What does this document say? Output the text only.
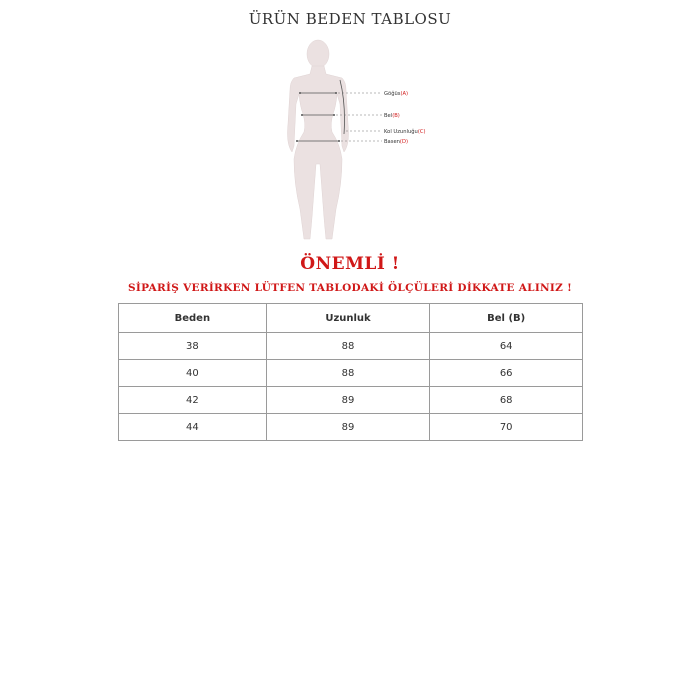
ÜRÜN BEDEN TABLOSU
Göğüs(A)
Bel(B)
Kol Uzunluğu(C)
Basen(D)
ÖNEMLİ !
SİPARİŞ VERİRKEN LÜTFEN TABLODAKİ ÖLÇÜLERİ DİKKATE ALINIZ !
Beden	Uzunluk	Bel (B)
38	88	64
40	88	66
42	89	68
44	89	70
